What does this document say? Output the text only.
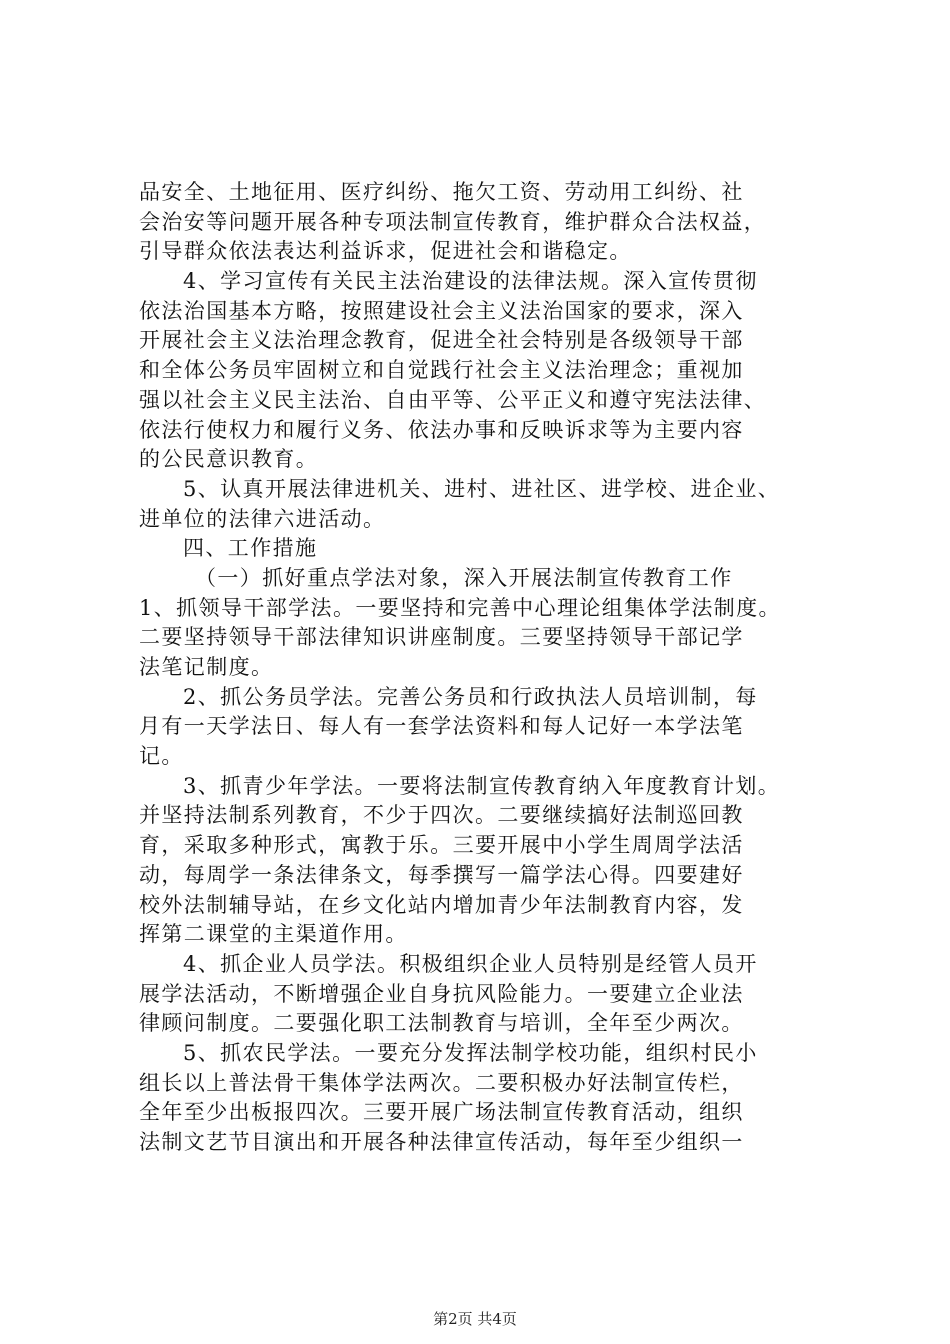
品安全、土地征用、医疗纠纷、拖欠工资、劳动用工纠纷、社
会治安等问题开展各种专项法制宣传教育，维护群众合法权益，
引导群众依法表达利益诉求，促进社会和谐稳定。
4、学习宣传有关民主法治建设的法律法规。深入宣传贯彻
依法治国基本方略，按照建设社会主义法治国家的要求，深入
开展社会主义法治理念教育，促进全社会特别是各级领导干部
和全体公务员牢固树立和自觉践行社会主义法治理念；重视加
强以社会主义民主法治、自由平等、公平正义和遵守宪法法律、
依法行使权力和履行义务、依法办事和反映诉求等为主要内容
的公民意识教育。
5、认真开展法律进机关、进村、进社区、进学校、进企业、
进单位的法律六进活动。
四、工作措施
（一）抓好重点学法对象，深入开展法制宣传教育工作
1、抓领导干部学法。一要坚持和完善中心理论组集体学法制度。
二要坚持领导干部法律知识讲座制度。三要坚持领导干部记学
法笔记制度。
2、抓公务员学法。完善公务员和行政执法人员培训制，每
月有一天学法日、每人有一套学法资料和每人记好一本学法笔
记。
3、抓青少年学法。一要将法制宣传教育纳入年度教育计划。
并坚持法制系列教育，不少于四次。二要继续搞好法制巡回教
育，采取多种形式，寓教于乐。三要开展中小学生周周学法活
动，每周学一条法律条文，每季撰写一篇学法心得。四要建好
校外法制辅导站，在乡文化站内增加青少年法制教育内容，发
挥第二课堂的主渠道作用。
4、抓企业人员学法。积极组织企业人员特别是经管人员开
展学法活动，不断增强企业自身抗风险能力。一要建立企业法
律顾问制度。二要强化职工法制教育与培训，全年至少两次。
5、抓农民学法。一要充分发挥法制学校功能，组织村民小
组长以上普法骨干集体学法两次。二要积极办好法制宣传栏，
全年至少出板报四次。三要开展广场法制宣传教育活动，组织
法制文艺节目演出和开展各种法律宣传活动，每年至少组织一
第2页 共4页
